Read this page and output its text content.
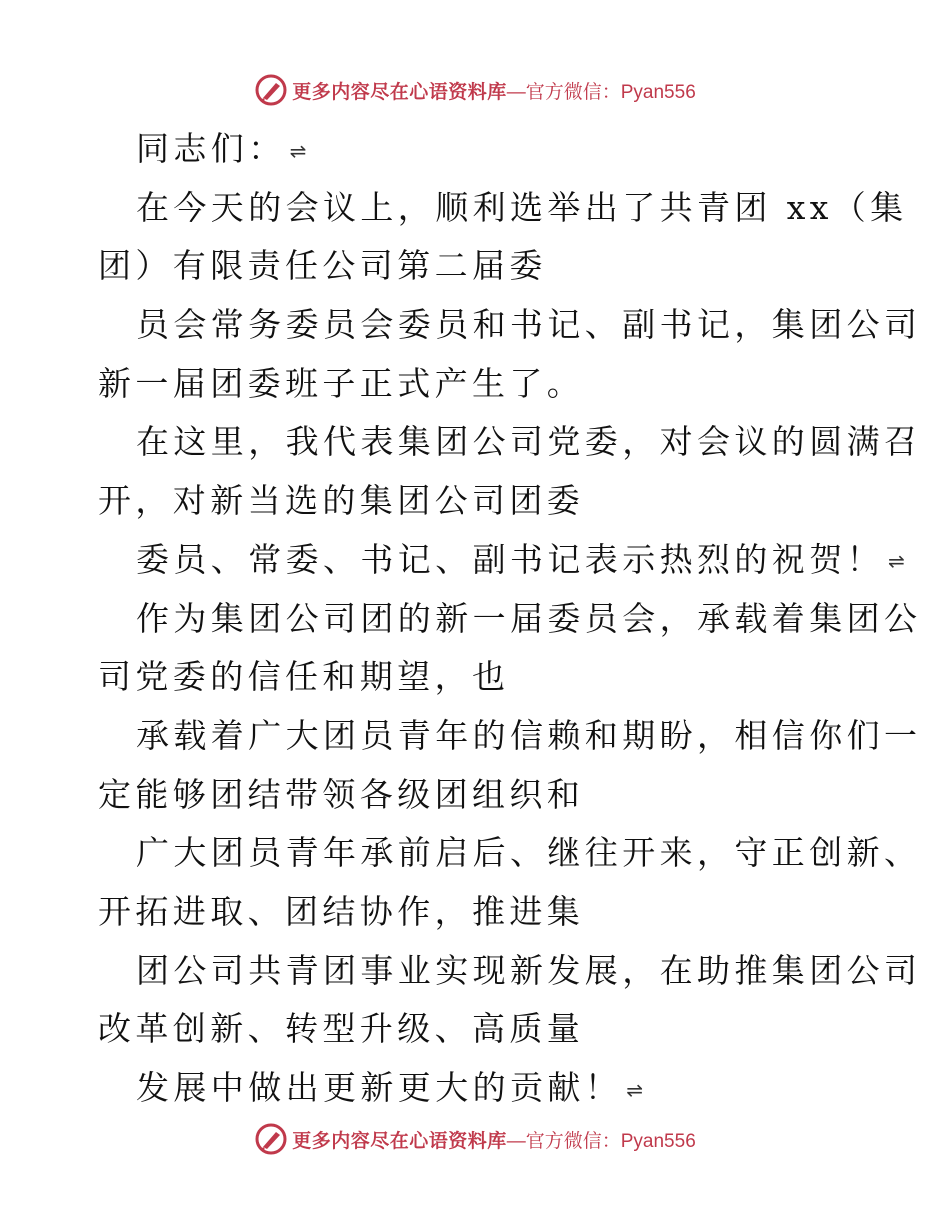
更多内容尽在心语资料库 —官方微信：Pyan556
同志们： ⇌
在今天的会议上，顺利选举出了共青团 xx（集
团）有限责任公司第二届委
员会常务委员会委员和书记、副书记，集团公司
新一届团委班子正式产生了。
在这里，我代表集团公司党委，对会议的圆满召
开，对新当选的集团公司团委
委员、常委、书记、副书记表示热烈的祝贺！ ⇌
作为集团公司团的新一届委员会，承载着集团公
司党委的信任和期望，也
承载着广大团员青年的信赖和期盼，相信你们一
定能够团结带领各级团组织和
广大团员青年承前启后、继往开来，守正创新、
开拓进取、团结协作，推进集
团公司共青团事业实现新发展，在助推集团公司
改革创新、转型升级、高质量
发展中做出更新更大的贡献！ ⇌
更多内容尽在心语资料库 —官方微信：Pyan556
